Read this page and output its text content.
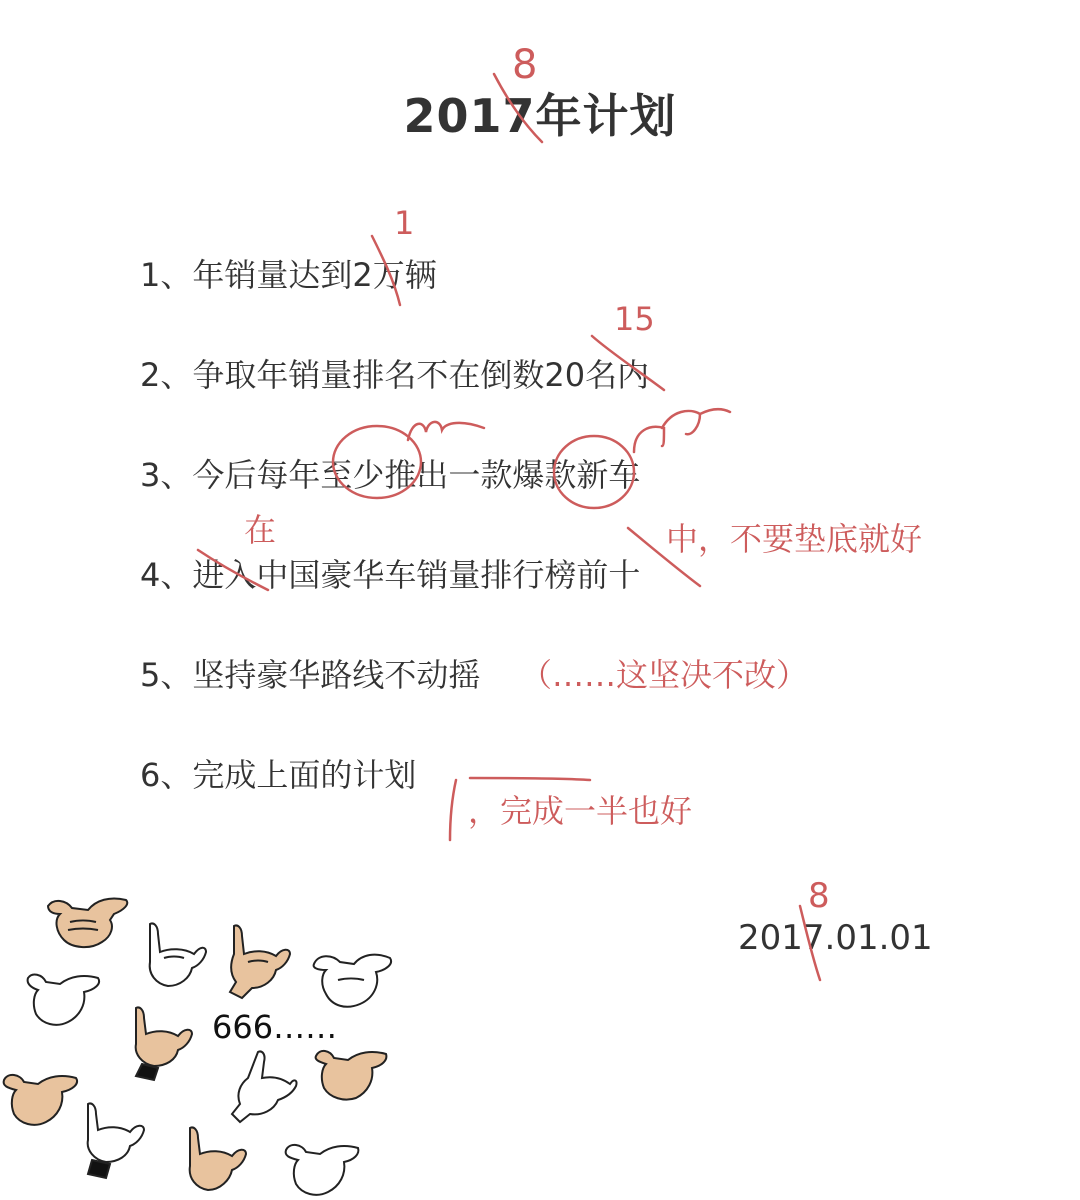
2017年计划
1、年销量达到2万辆
2、争取年销量排名不在倒数20名内
3、今后每年至少推出一款爆款新车
4、进入中国豪华车销量排行榜前十
5、坚持豪华路线不动摇
6、完成上面的计划
8
1
15
在	中，不要垫底就好
（……这坚决不改）
，完成一半也好
2017.01.01
8
666……
